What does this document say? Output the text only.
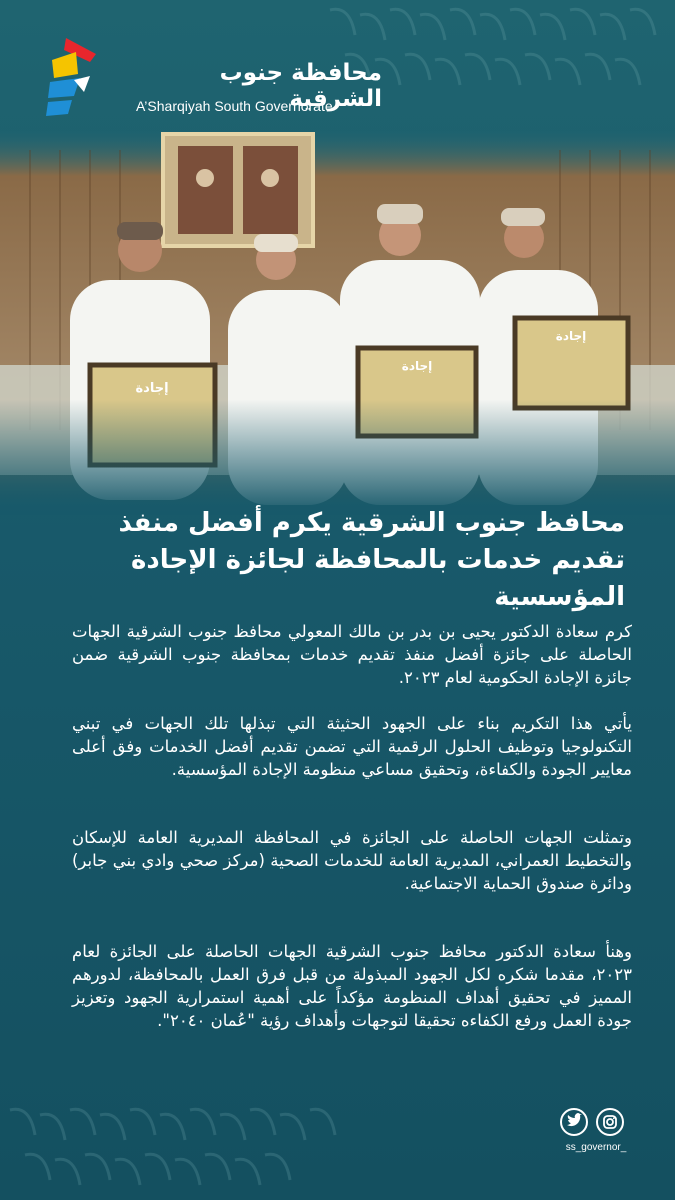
محافظة جنوب الشرقية
A’Sharqiyah South Governorate
محافظ جنوب الشرقية يكرم أفضل منفذ تقديم خدمات بالمحافظة لجائزة الإجادة المؤسسية

كرم سعادة الدكتور يحيى بن بدر بن مالك المعولي محافظ جنوب الشرقية الجهات الحاصلة على جائزة أفضل منفذ تقديم خدمات بمحافظة جنوب الشرقية ضمن جائزة الإجادة الحكومية لعام ٢٠٢٣.

يأتي هذا التكريم بناء على الجهود الحثيثة التي تبذلها تلك الجهات في تبني التكنولوجيا وتوظيف الحلول الرقمية التي تضمن تقديم أفضل الخدمات وفق أعلى معايير الجودة والكفاءة، وتحقيق مساعي منظومة الإجادة المؤسسية.

وتمثلت الجهات الحاصلة على الجائزة في المحافظة المديرية العامة للإسكان والتخطيط العمراني، المديرية العامة للخدمات الصحية (مركز صحي وادي بني جابر) ودائرة صندوق الحماية الاجتماعية.

وهنأ سعادة الدكتور محافظ جنوب الشرقية الجهات الحاصلة على الجائزة لعام ٢٠٢٣، مقدما شكره لكل الجهود المبذولة من قبل فرق العمل بالمحافظة، لدورهم المميز في تحقيق أهداف المنظومة مؤكداً على أهمية استمرارية الجهود وتعزيز جودة العمل ورفع الكفاءه تحقيقا لتوجهات وأهداف رؤية "عُمان ٢٠٤٠".

ss_governor_
